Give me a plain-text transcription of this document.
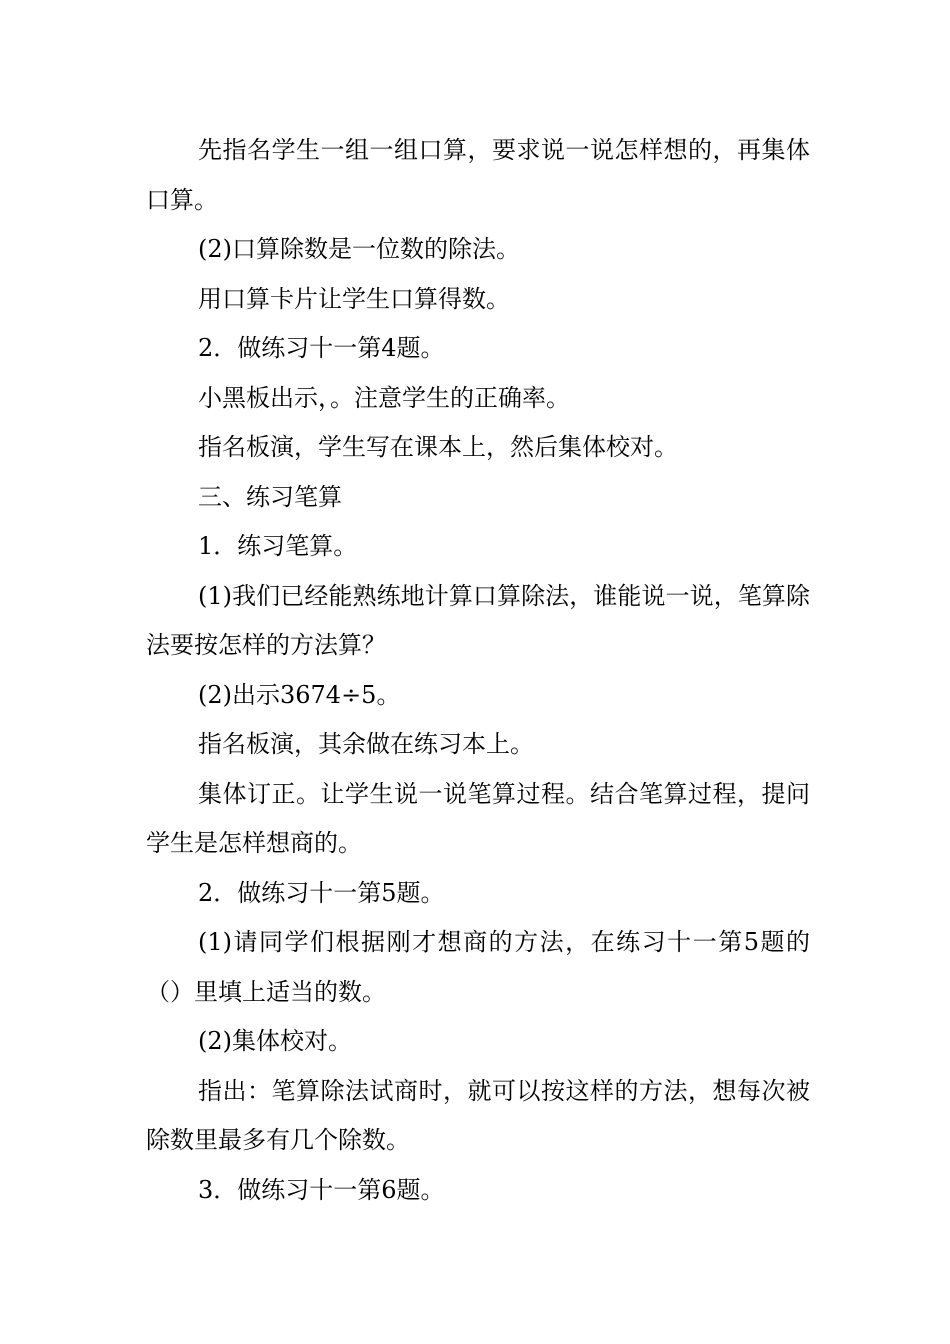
先指名学生一组一组口算，要求说一说怎样想的，再集体口算。

(2)口算除数是一位数的除法。

用口算卡片让学生口算得数。

2．做练习十一第4题。

小黑板出示，。注意学生的正确率。

指名板演，学生写在课本上，然后集体校对。

三、练习笔算

1．练习笔算。

(1)我们已经能熟练地计算口算除法，谁能说一说，笔算除法要按怎样的方法算？

(2)出示3674÷5。

指名板演，其余做在练习本上。

集体订正。让学生说一说笔算过程。结合笔算过程，提问学生是怎样想商的。

2．做练习十一第5题。

(1)请同学们根据刚才想商的方法，在练习十一第5题的（）里填上适当的数。

(2)集体校对。

指出：笔算除法试商时，就可以按这样的方法，想每次被除数里最多有几个除数。

3．做练习十一第6题。
